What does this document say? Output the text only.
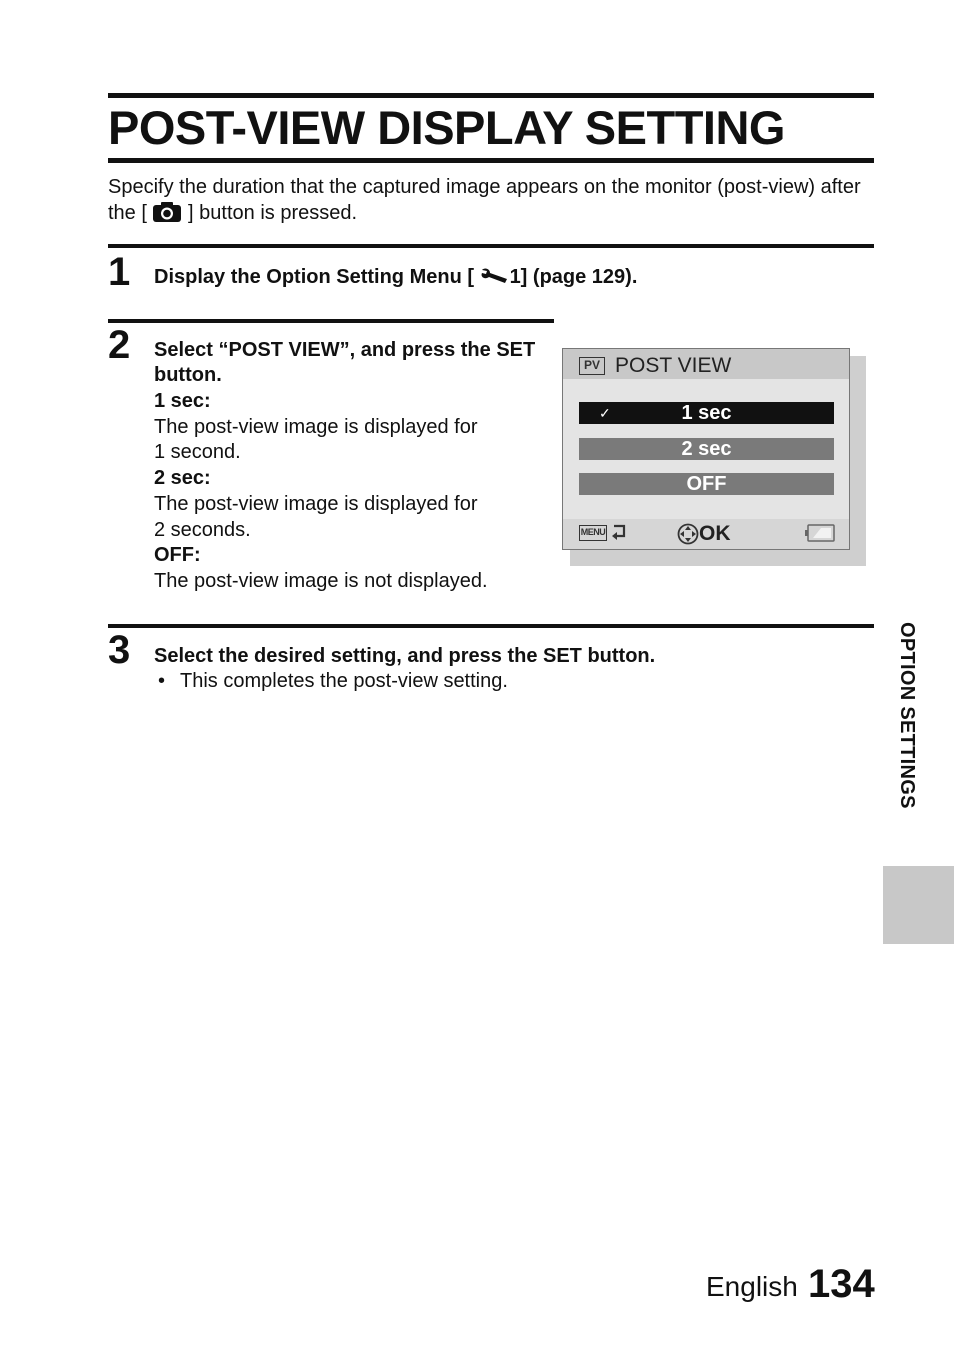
POST-VIEW DISPLAY SETTING
Specify the duration that the captured image appears on the monitor (post-view) after the [ ] button is pressed.
1 Display the Option Setting Menu [ 1] (page 129).
2 Select “POST VIEW”, and press the SET button.
1 sec:
The post-view image is displayed for
1 second.
2 sec:
The post-view image is displayed for
2 seconds.
OFF:
The post-view image is not displayed.
PV POST VIEW
✓	1 sec
2 sec
OFF
MENU	OK
3 Select the desired setting, and press the SET button.
• This completes the post-view setting.	OPTION SETTINGS
English 134
